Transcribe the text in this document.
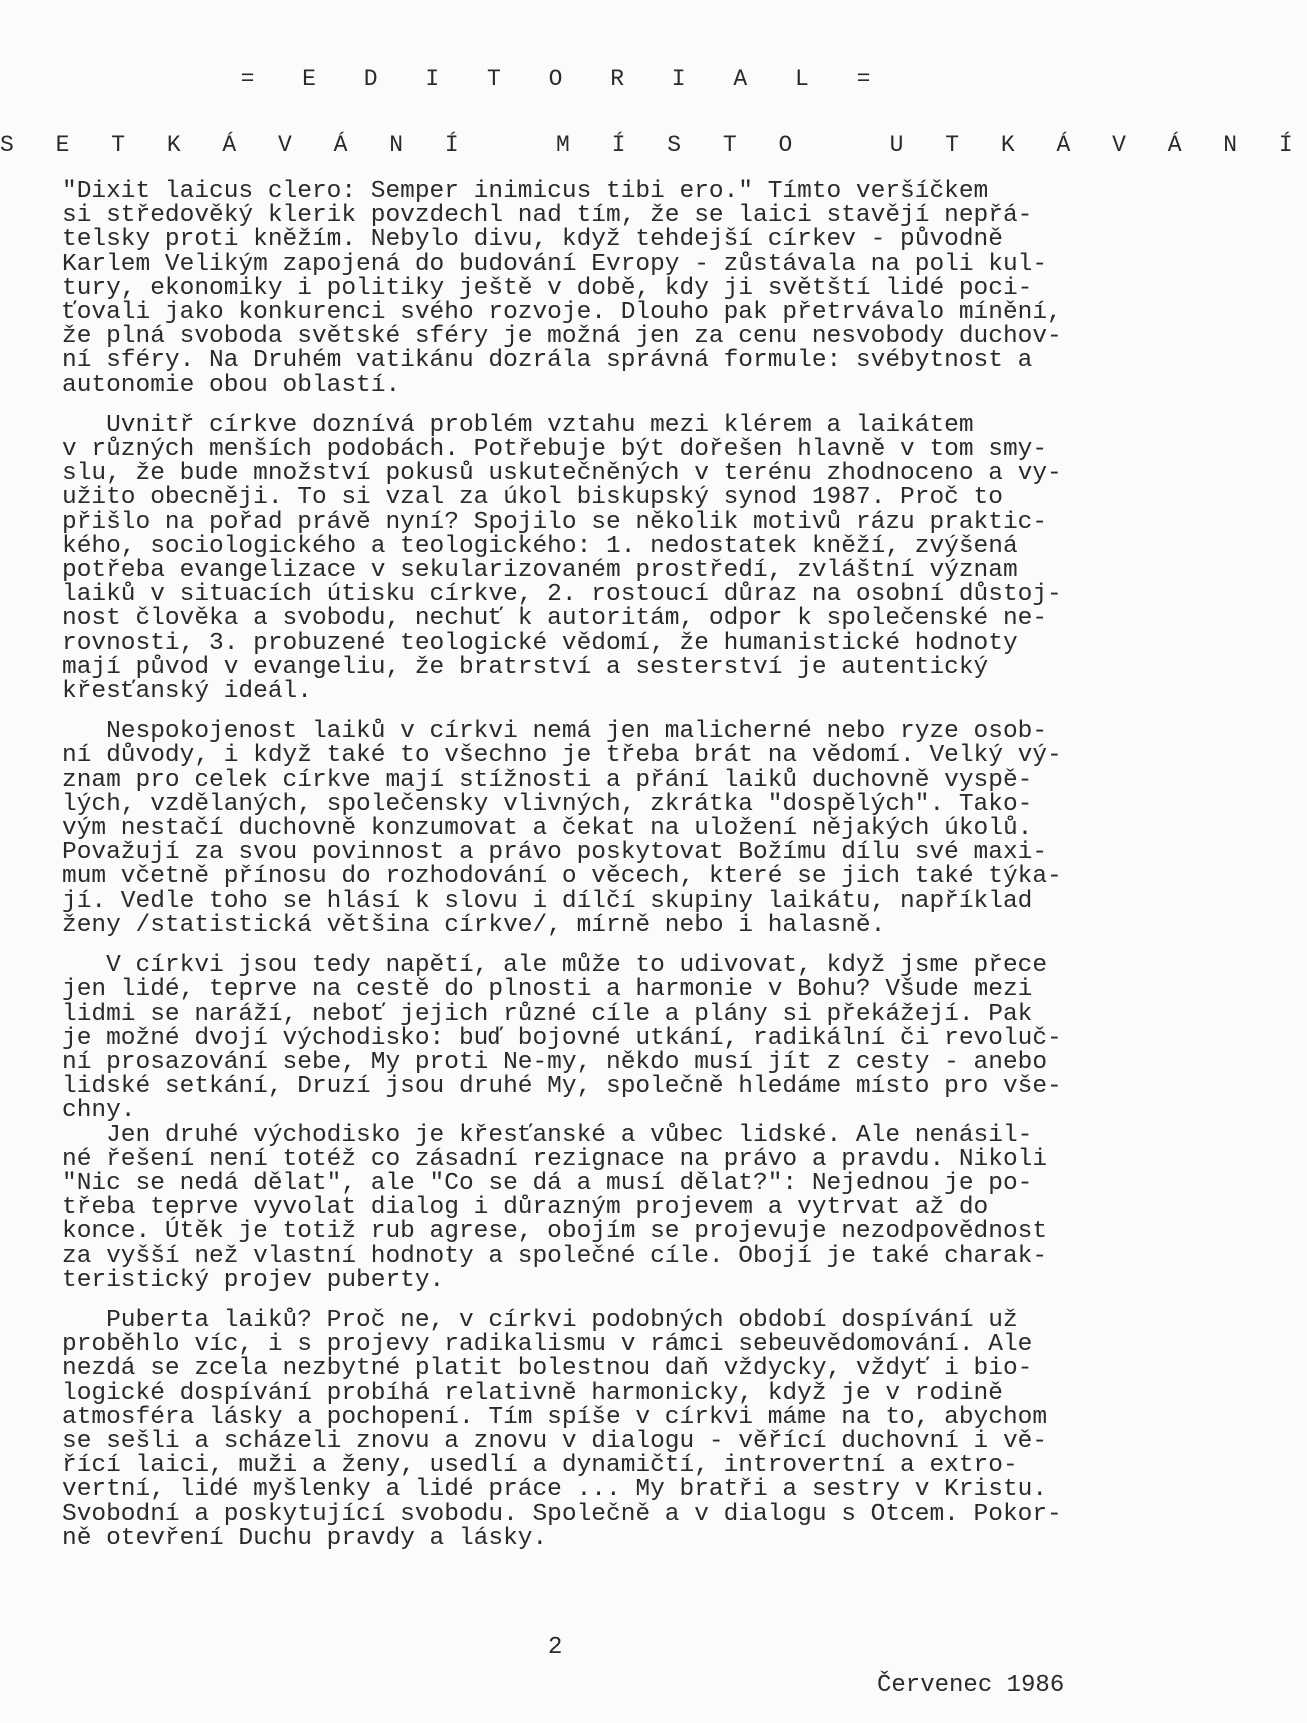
= E D I T O R I A L =
S E T K Á V Á N Í   M Í S T O   U T K Á V Á N Í

"Dixit laicus clero: Semper inimicus tibi ero." Tímto veršíčkem
si středověký klerik povzdechl nad tím, že se laici stavějí nepřá-
telsky proti kněžím. Nebylo divu, když tehdejší církev - původně
Karlem Velikým zapojená do budování Evropy - zůstávala na poli kul-
tury, ekonomiky i politiky ještě v době, kdy ji světští lidé poci-
ťovali jako konkurenci svého rozvoje. Dlouho pak přetrvávalo mínění,
že plná svoboda světské sféry je možná jen za cenu nesvobody duchov-
ní sféry. Na Druhém vatikánu dozrála správná formule: svébytnost a
autonomie obou oblastí.

Uvnitř církve doznívá problém vztahu mezi klérem a laikátem
v různých menších podobách. Potřebuje být dořešen hlavně v tom smy-
slu, že bude množství pokusů uskutečněných v terénu zhodnoceno a vy-
užito obecněji. To si vzal za úkol biskupský synod 1987. Proč to
přišlo na pořad právě nyní? Spojilo se několik motivů rázu praktic-
kého, sociologického a teologického: 1. nedostatek kněží, zvýšená
potřeba evangelizace v sekularizovaném prostředí, zvláštní význam
laiků v situacích útisku církve, 2. rostoucí důraz na osobní důstoj-
nost člověka a svobodu, nechuť k autoritám, odpor k společenské ne-
rovnosti, 3. probuzené teologické vědomí, že humanistické hodnoty
mají původ v evangeliu, že bratrství a sesterství je autentický
křesťanský ideál.

Nespokojenost laiků v církvi nemá jen malicherné nebo ryze osob-
ní důvody, i když také to všechno je třeba brát na vědomí. Velký vý-
znam pro celek církve mají stížnosti a přání laiků duchovně vyspě-
lých, vzdělaných, společensky vlivných, zkrátka "dospělých". Tako-
vým nestačí duchovně konzumovat a čekat na uložení nějakých úkolů.
Považují za svou povinnost a právo poskytovat Božímu dílu své maxi-
mum včetně přínosu do rozhodování o věcech, které se jich také týka-
jí. Vedle toho se hlásí k slovu i dílčí skupiny laikátu, například
ženy /statistická většina církve/, mírně nebo i halasně.

V církvi jsou tedy napětí, ale může to udivovat, když jsme přece
jen lidé, teprve na cestě do plnosti a harmonie v Bohu? Všude mezi
lidmi se naráží, neboť jejich různé cíle a plány si překážejí. Pak
je možné dvojí východisko: buď bojovné utkání, radikální či revoluč-
ní prosazování sebe, My proti Ne-my, někdo musí jít z cesty - anebo
lidské setkání, Druzí jsou druhé My, společně hledáme místo pro vše-
chny.
Jen druhé východisko je křesťanské a vůbec lidské. Ale nenásil-
né řešení není totéž co zásadní rezignace na právo a pravdu. Nikoli
"Nic se nedá dělat", ale "Co se dá a musí dělat?": Nejednou je po-
třeba teprve vyvolat dialog i důrazným projevem a vytrvat až do
konce. Útěk je totiž rub agrese, obojím se projevuje nezodpovědnost
za vyšší než vlastní hodnoty a společné cíle. Obojí je také charak-
teristický projev puberty.

Puberta laiků? Proč ne, v církvi podobných období dospívání už
proběhlo víc, i s projevy radikalismu v rámci sebeuvědomování. Ale
nezdá se zcela nezbytné platit bolestnou daň vždycky, vždyť i bio-
logické dospívání probíhá relativně harmonicky, když je v rodině
atmosféra lásky a pochopení. Tím spíše v církvi máme na to, abychom
se sešli a scházeli znovu a znovu v dialogu - věřící duchovní i vě-
řící laici, muži a ženy, usedlí a dynamičtí, introvertní a extro-
vertní, lidé myšlenky a lidé práce ... My bratři a sestry v Kristu.
Svobodní a poskytující svobodu. Společně a v dialogu s Otcem. Pokor-
ně otevření Duchu pravdy a lásky.

2
Červenec 1986
